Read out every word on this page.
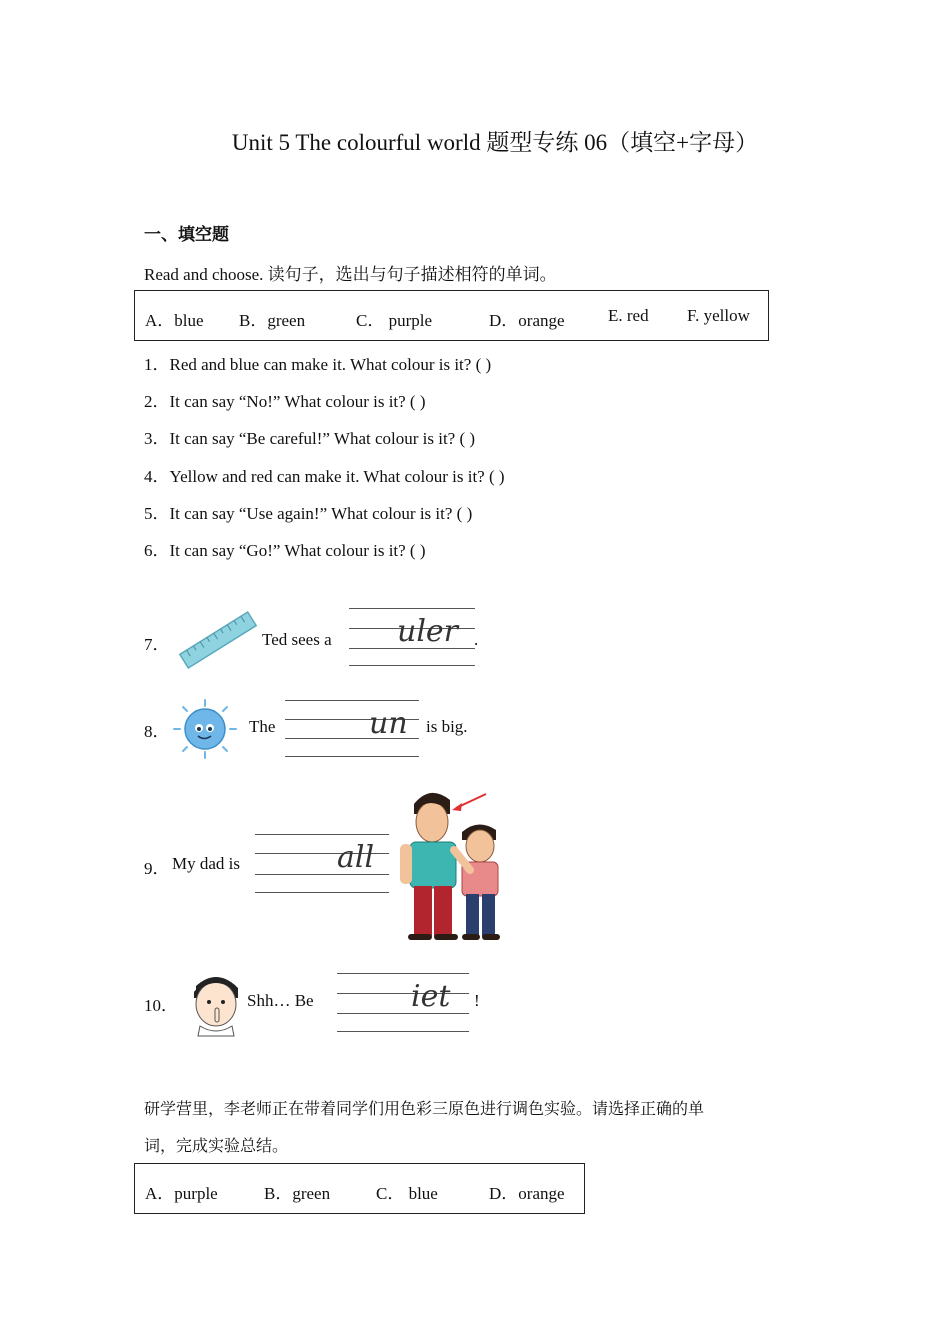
Unit 5 The colourful world 题型专练 06（填空+字母）
一、填空题
Read and choose. 读句子，选出与句子描述相符的单词。
A．blue B．green	C． purple	D．orange	E. red F. yellow
1．Red and blue can make it. What colour is it? ( )
2．It can say “No!” What colour is it? ( )
3．It can say “Be careful!” What colour is it? ( )
4．Yellow and red can make it. What colour is it? ( )
5．It can say “Use again!” What colour is it? ( )
6．It can say “Go!” What colour is it? ( )
7．	Ted sees a uler .
8．	The	un is big.
9． My dad is	all
10．	Shh… Be	iet !
研学营里，李老师正在带着同学们用色彩三原色进行调色实验。请选择正确的单
词，完成实验总结。
A．purple	B．green	C． blue	D．orange
